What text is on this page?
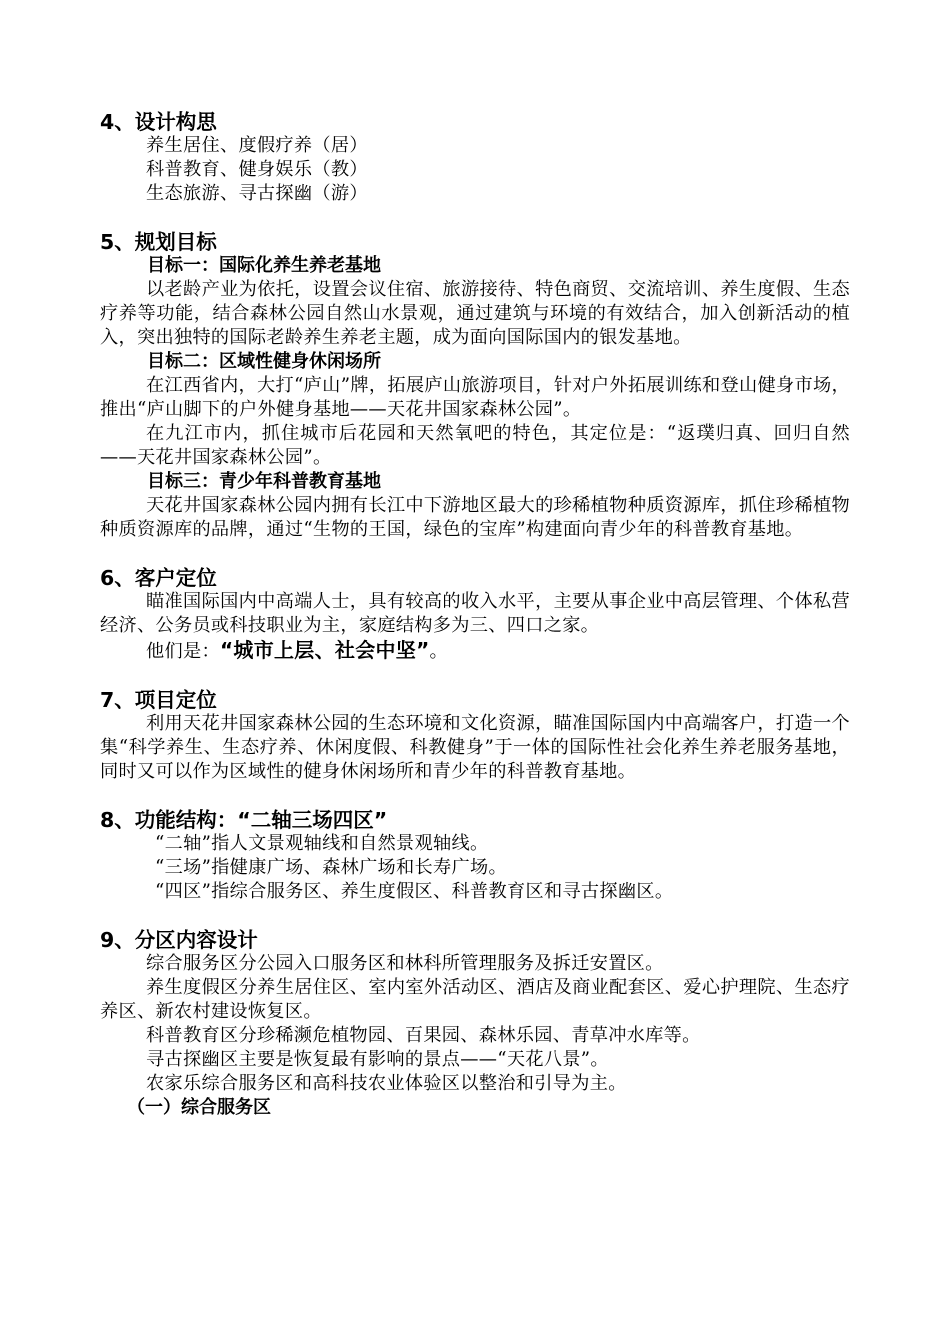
4、设计构思
养生居住、度假疗养（居）
科普教育、健身娱乐（教）
生态旅游、寻古探幽（游）
5、规划目标
目标一：国际化养生养老基地
以老龄产业为依托，设置会议住宿、旅游接待、特色商贸、交流培训、养生度假、生态疗养等功能，结合森林公园自然山水景观，通过建筑与环境的有效结合，加入创新活动的植入，突出独特的国际老龄养生养老主题，成为面向国际国内的银发基地。
目标二：区域性健身休闲场所
在江西省内，大打“庐山”牌，拓展庐山旅游项目，针对户外拓展训练和登山健身市场，推出“庐山脚下的户外健身基地——天花井国家森林公园”。
在九江市内，抓住城市后花园和天然氧吧的特色，其定位是：“返璞归真、回归自然——天花井国家森林公园”。
目标三：青少年科普教育基地
天花井国家森林公园内拥有长江中下游地区最大的珍稀植物种质资源库，抓住珍稀植物种质资源库的品牌，通过“生物的王国，绿色的宝库”构建面向青少年的科普教育基地。
6、客户定位
瞄准国际国内中高端人士，具有较高的收入水平，主要从事企业中高层管理、个体私营经济、公务员或科技职业为主，家庭结构多为三、四口之家。
他们是：“城市上层、社会中坚”。
7、项目定位
利用天花井国家森林公园的生态环境和文化资源，瞄准国际国内中高端客户，打造一个集“科学养生、生态疗养、休闲度假、科教健身”于一体的国际性社会化养生养老服务基地，同时又可以作为区域性的健身休闲场所和青少年的科普教育基地。
8、功能结构：“二轴三场四区”
“二轴”指人文景观轴线和自然景观轴线。
“三场”指健康广场、森林广场和长寿广场。
“四区”指综合服务区、养生度假区、科普教育区和寻古探幽区。
9、分区内容设计
综合服务区分公园入口服务区和林科所管理服务及拆迁安置区。
养生度假区分养生居住区、室内室外活动区、酒店及商业配套区、爱心护理院、生态疗养区、新农村建设恢复区。
科普教育区分珍稀濒危植物园、百果园、森林乐园、青草冲水库等。
寻古探幽区主要是恢复最有影响的景点——“天花八景”。
农家乐综合服务区和高科技农业体验区以整治和引导为主。
（一）综合服务区
